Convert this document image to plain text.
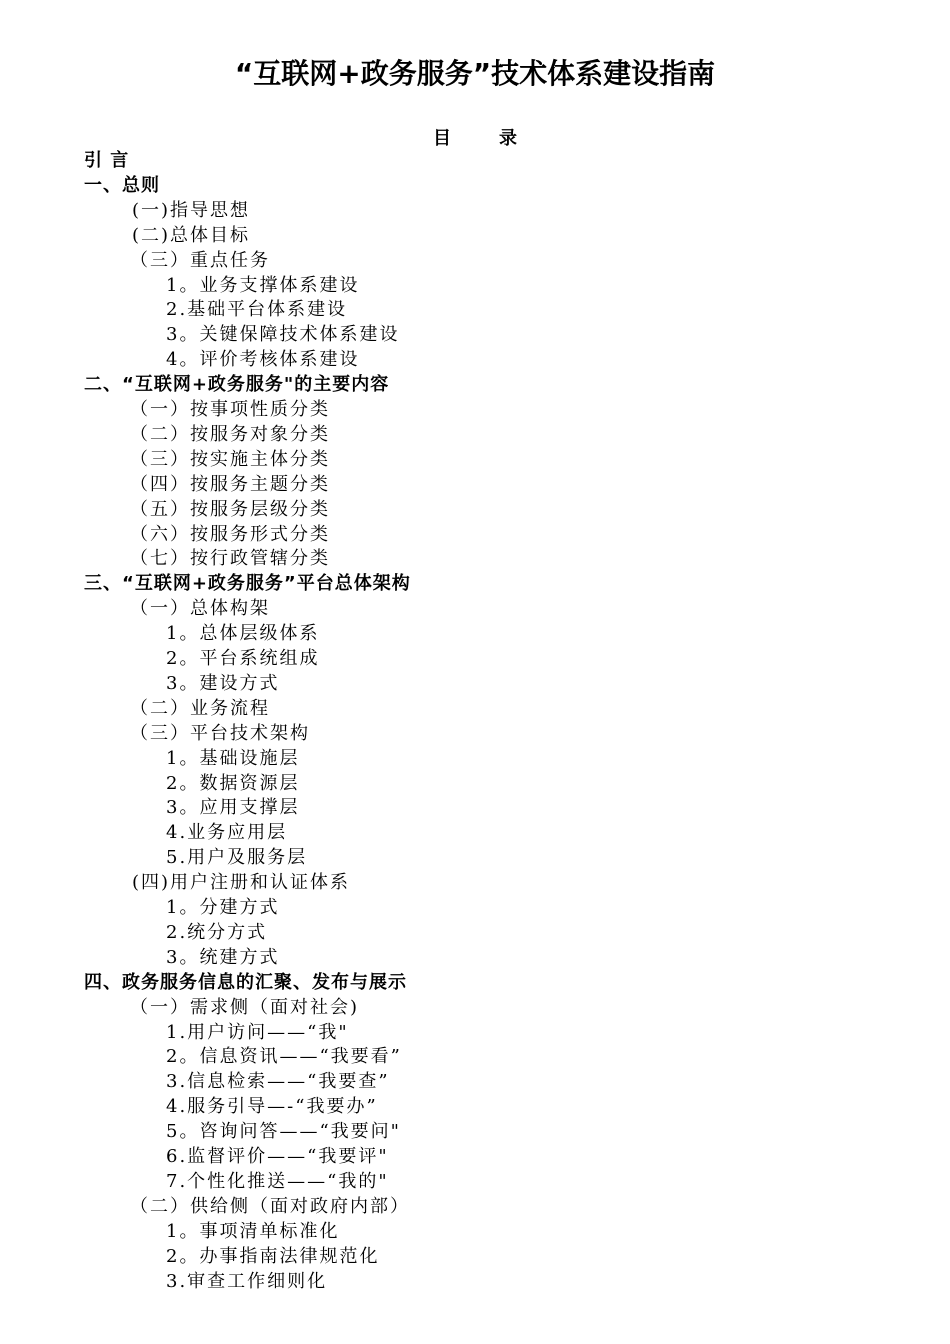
“互联网+政务服务”技术体系建设指南
目	录
引 言
一、总则
(一)指导思想
(二)总体目标
（三）重点任务
1。业务支撑体系建设
2.基础平台体系建设
3。关键保障技术体系建设
4。评价考核体系建设
二、“互联网+政务服务"的主要内容
（一）按事项性质分类
（二）按服务对象分类
（三）按实施主体分类
（四）按服务主题分类
（五）按服务层级分类
（六）按服务形式分类
（七）按行政管辖分类
三、“互联网+政务服务”平台总体架构
（一）总体构架
1。总体层级体系
2。平台系统组成
3。建设方式
（二）业务流程
（三）平台技术架构
1。基础设施层
2。数据资源层
3。应用支撑层
4.业务应用层
5.用户及服务层
(四)用户注册和认证体系
1。分建方式
2.统分方式
3。统建方式
四、政务服务信息的汇聚、发布与展示
（一）需求侧（面对社会)
1.用户访问——“我"
2。信息资讯——“我要看”
3.信息检索——“我要查”
4.服务引导—-“我要办”
5。咨询问答——“我要问"
6.监督评价——“我要评"
7.个性化推送——“我的"
（二）供给侧（面对政府内部）
1。事项清单标准化
2。办事指南法律规范化
3.审查工作细则化
